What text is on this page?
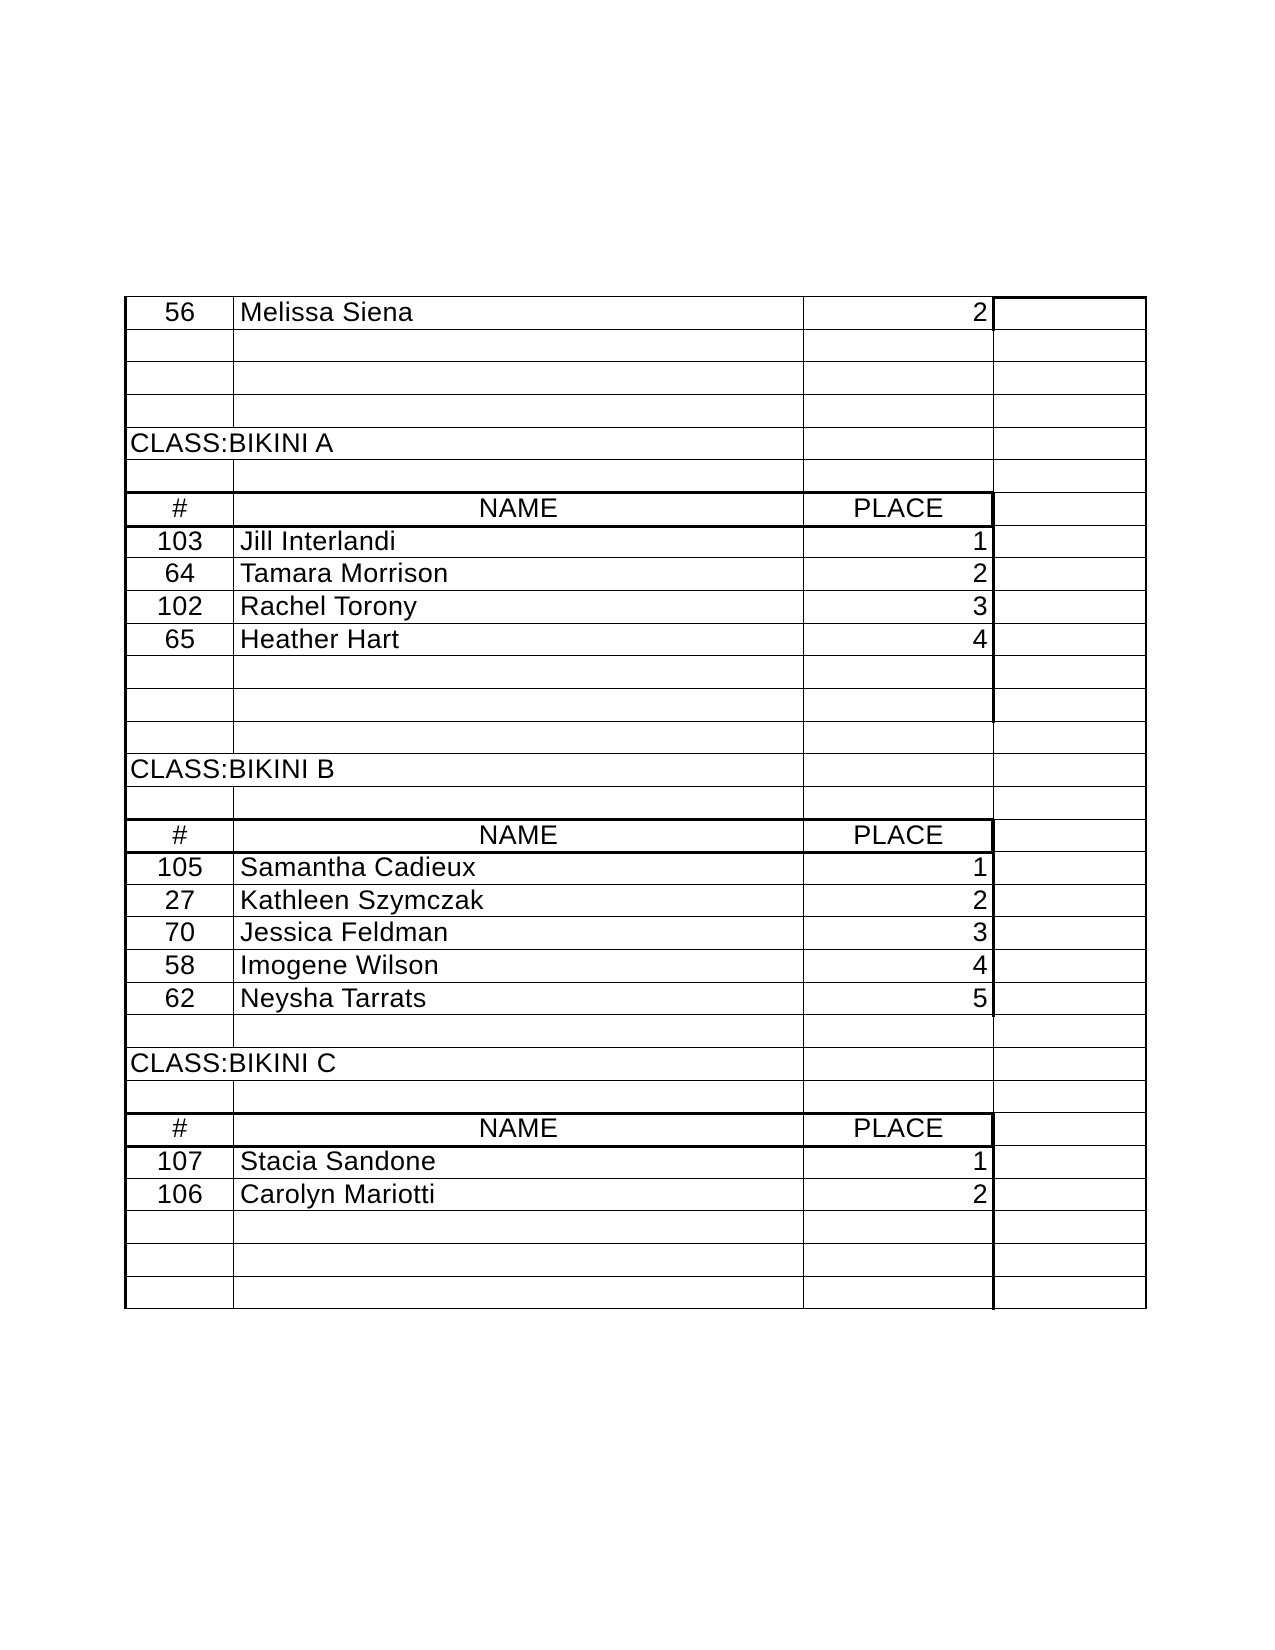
56	Melissa Siena	2
CLASS:BIKINI A
#	NAME	PLACE
103	Jill Interlandi	1
64	Tamara Morrison	2
102	Rachel Torony	3
65	Heather Hart	4
CLASS:BIKINI B
#	NAME	PLACE
105	Samantha Cadieux	1
27	Kathleen Szymczak	2
70	Jessica Feldman	3
58	Imogene Wilson	4
62	Neysha Tarrats	5
CLASS:BIKINI C
#	NAME	PLACE
107	Stacia Sandone	1
106	Carolyn Mariotti	2
